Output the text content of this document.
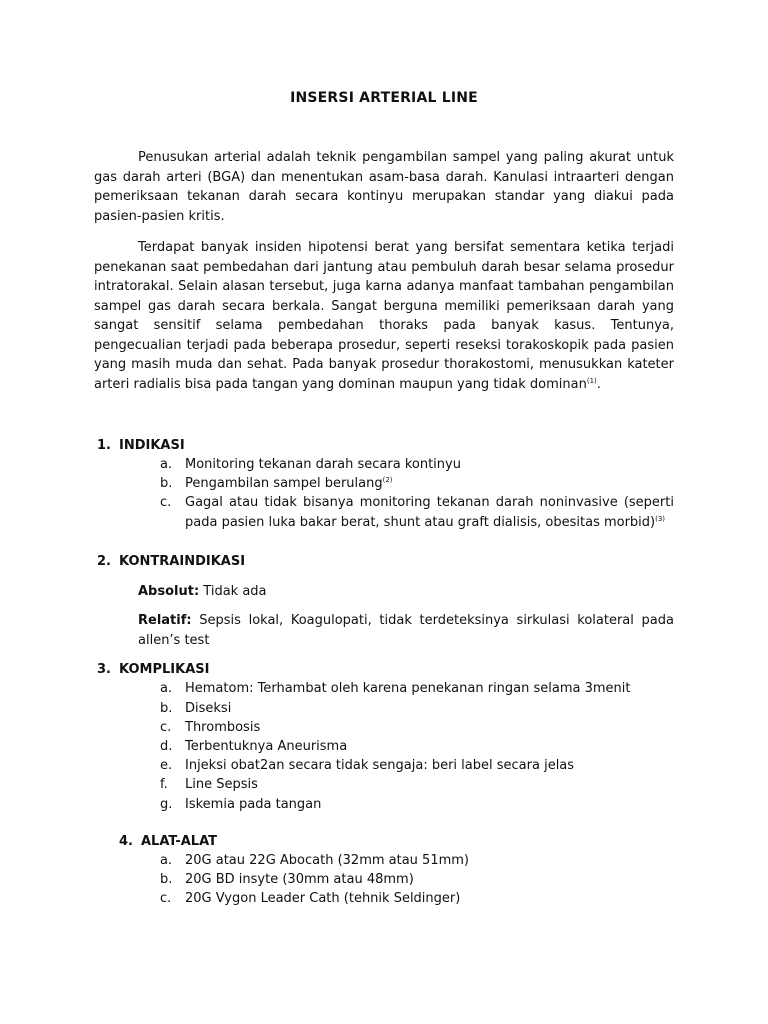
INSERSI ARTERIAL LINE

Penusukan arterial adalah teknik pengambilan sampel yang paling akurat untuk gas darah arteri (BGA) dan menentukan asam-basa darah. Kanulasi intraarteri dengan pemeriksaan tekanan darah secara kontinyu merupakan standar yang diakui pada pasien-pasien kritis.

Terdapat banyak insiden hipotensi berat yang bersifat sementara ketika terjadi penekanan saat pembedahan dari jantung atau pembuluh darah besar selama prosedur intratorakal. Selain alasan tersebut, juga karna adanya manfaat tambahan pengambilan sampel gas darah secara berkala. Sangat berguna memiliki pemeriksaan darah yang sangat sensitif selama pembedahan thoraks pada banyak kasus. Tentunya, pengecualian terjadi pada beberapa prosedur, seperti reseksi torakoskopik pada pasien yang masih muda dan sehat. Pada banyak prosedur thorakostomi, menusukkan kateter arteri radialis bisa pada tangan yang dominan maupun yang tidak dominan$^{(1)}$.

1. INDIKASI
a. Monitoring tekanan darah secara kontinyu
b. Pengambilan sampel berulang$^{(2)}$
c.	Gagal atau tidak bisanya monitoring tekanan darah noninvasive (seperti pada pasien luka bakar berat, shunt atau graft dialisis, obesitas morbid)$^{(3)}$
2. KONTRAINDIKASI

Absolut: Tidak ada

Relatif: Sepsis lokal, Koagulopati, tidak terdeteksinya sirkulasi kolateral pada allen’s test

3. KOMPLIKASI
a. Hematom: Terhambat oleh karena penekanan ringan selama 3menit
b. Diseksi
c.	Thrombosis
d. Terbentuknya Aneurisma
e. Injeksi obat2an secara tidak sengaja: beri label secara jelas
f.	Line Sepsis
g. Iskemia pada tangan
4. ALAT-ALAT
a. 20G atau 22G Abocath (32mm atau 51mm)
b. 20G BD insyte (30mm atau 48mm)
c.	20G Vygon Leader Cath (tehnik Seldinger)
